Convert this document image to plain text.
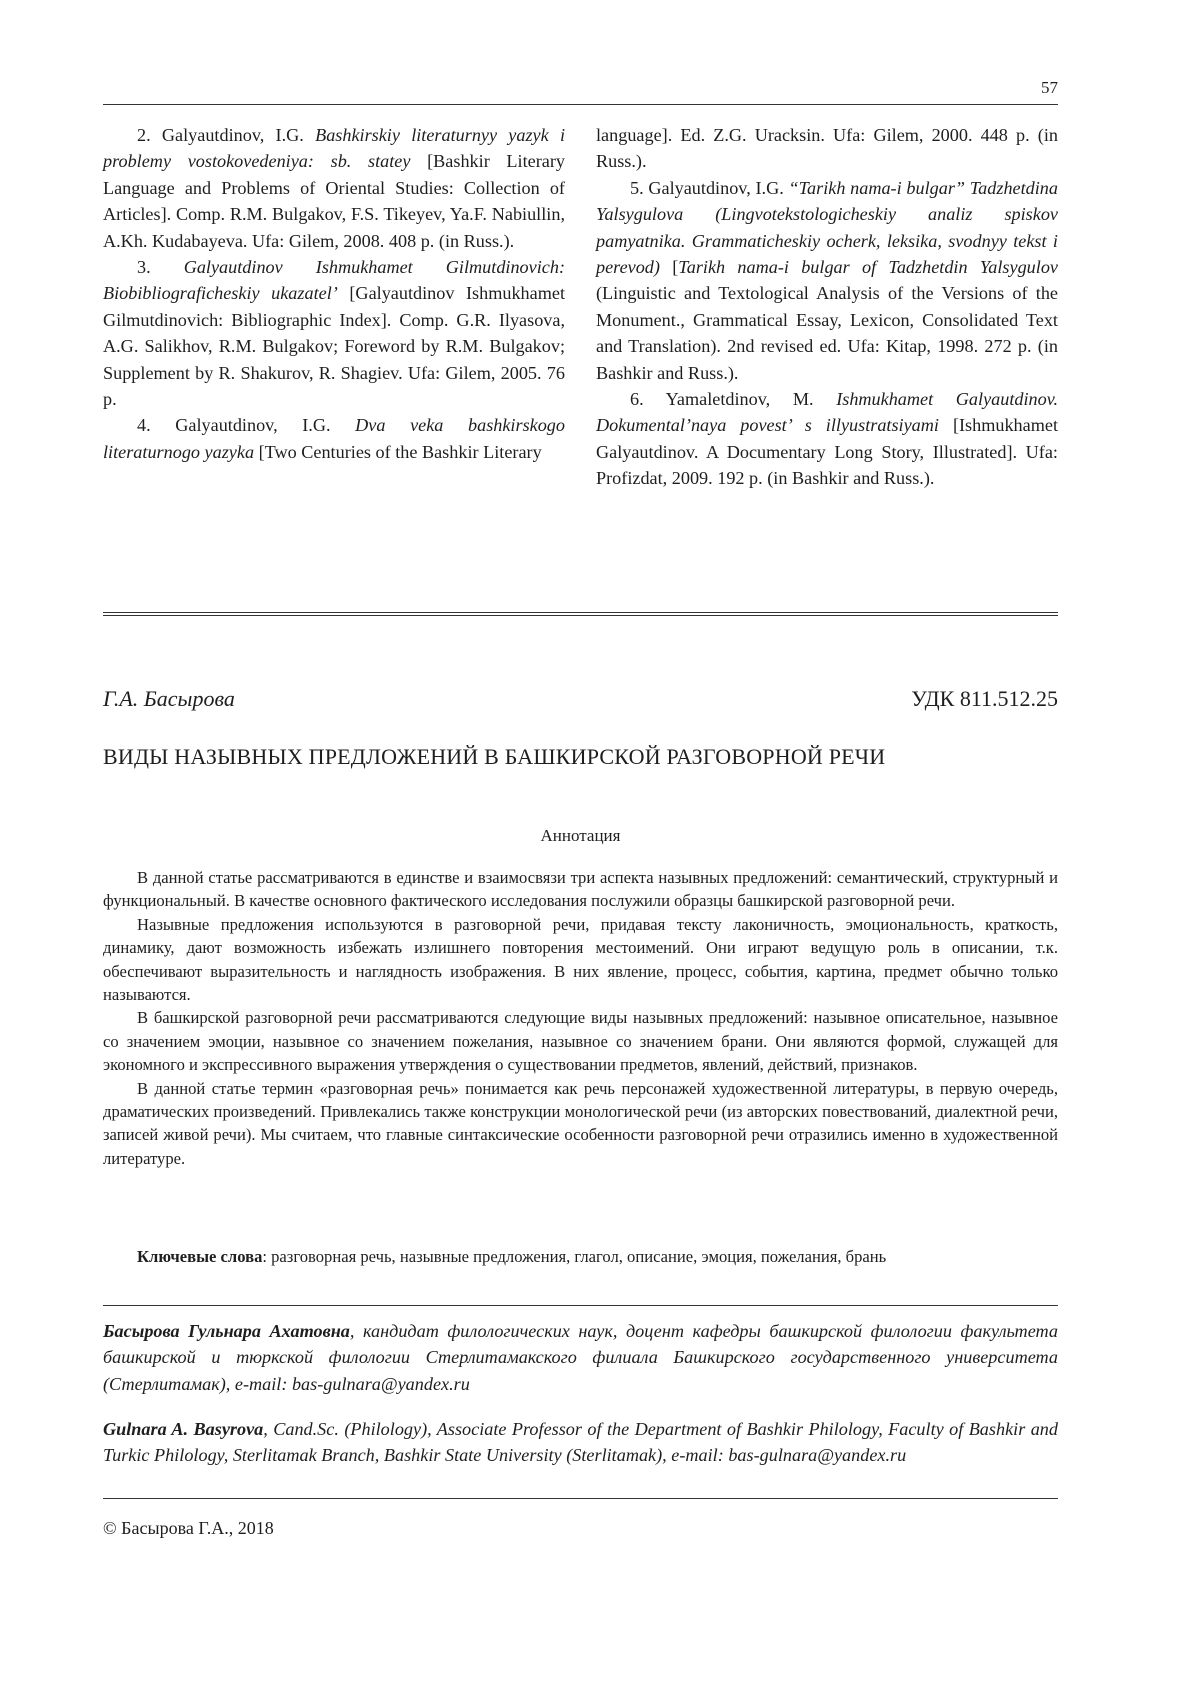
57

2. Galyautdinov, I.G. Bashkirskiy literaturnyy yazyk i problemy vostokovedeniya: sb. statey [Bashkir Literary Language and Problems of Oriental Studies: Collection of Articles]. Comp. R.M. Bulgakov, F.S. Tikeyev, Ya.F. Nabiullin, A.Kh. Kudabayeva. Ufa: Gilem, 2008. 408 p. (in Russ.).

3. Galyautdinov Ishmukhamet Gilmutdinovich: Biobibliograficheskiy ukazatel’ [Galyautdinov Ishmukhamet Gilmutdinovich: Bibliographic Index]. Comp. G.R. Ilyasova, A.G. Salikhov, R.M. Bulgakov; Foreword by R.M. Bulgakov; Supplement by R. Shakurov, R. Shagiev. Ufa: Gilem, 2005. 76 p.

4. Galyautdinov, I.G. Dva veka bashkirskogo literaturnogo yazyka [Two Centuries of the Bashkir Literary

language]. Ed. Z.G. Uracksin. Ufa: Gilem, 2000. 448 p. (in Russ.).

5. Galyautdinov, I.G. “Tarikh nama-i bulgar” Tadzhetdina Yalsygulova (Lingvotekstologicheskiy analiz spiskov pamyatnika. Grammaticheskiy ocherk, leksika, svodnyy tekst i perevod) [Tarikh nama-i bulgar of Tadzhetdin Yalsygulov (Linguistic and Textological Analysis of the Versions of the Monument., Grammatical Essay, Lexicon, Consolidated Text and Translation). 2nd revised ed. Ufa: Kitap, 1998. 272 p. (in Bashkir and Russ.).

6. Yamaletdinov, M. Ishmukhamet Galyautdinov. Dokumental’naya povest’ s illyustratsiyami [Ishmukhamet Galyautdinov. A Documentary Long Story, Illustrated]. Ufa: Profizdat, 2009. 192 p. (in Bashkir and Russ.).

Г.А. Басырова	УДК 811.512.25
ВИДЫ НАЗЫВНЫХ ПРЕДЛОЖЕНИЙ В БАШКИРСКОЙ РАЗГОВОРНОЙ РЕЧИ
Аннотация

В данной статье рассматриваются в единстве и взаимосвязи три аспекта назывных предложений: семантический, структурный и функциональный. В качестве основного фактического исследования послужили образцы башкирской разговорной речи.

Назывные предложения используются в разговорной речи, придавая тексту лаконичность, эмоциональность, краткость, динамику, дают возможность избежать излишнего повторения местоимений. Они играют ведущую роль в описании, т.к. обеспечивают выразительность и наглядность изображения. В них явление, процесс, события, картина, предмет обычно только называются.

В башкирской разговорной речи рассматриваются следующие виды назывных предложений: назывное описательное, назывное со значением эмоции, назывное со значением пожелания, назывное со значением брани. Они являются формой, служащей для экономного и экспрессивного выражения утверждения о существовании предметов, явлений, действий, признаков.

В данной статье термин «разговорная речь» понимается как речь персонажей художественной литературы, в первую очередь, драматических произведений. Привлекались также конструкции монологической речи (из авторских повествований, диалектной речи, записей живой речи). Мы считаем, что главные синтаксические особенности разговорной речи отразились именно в художественной литературе.

Ключевые слова: разговорная речь, назывные предложения, глагол, описание, эмоция, пожелания, брань

Басырова Гульнара Ахатовна, кандидат филологических наук, доцент кафедры башкирской филологии факультета башкирской и тюркской филологии Стерлитамакского филиала Башкирского государственного университета (Стерлитамак), e-mail: bas-gulnara@yandex.ru

Gulnara A. Basyrova, Cand.Sc. (Philology), Associate Professor of the Department of Bashkir Philology, Faculty of Bashkir and Turkic Philology, Sterlitamak Branch, Bashkir State University (Sterlitamak), e-mail: bas-gulnara@yandex.ru

© Басырова Г.А., 2018
